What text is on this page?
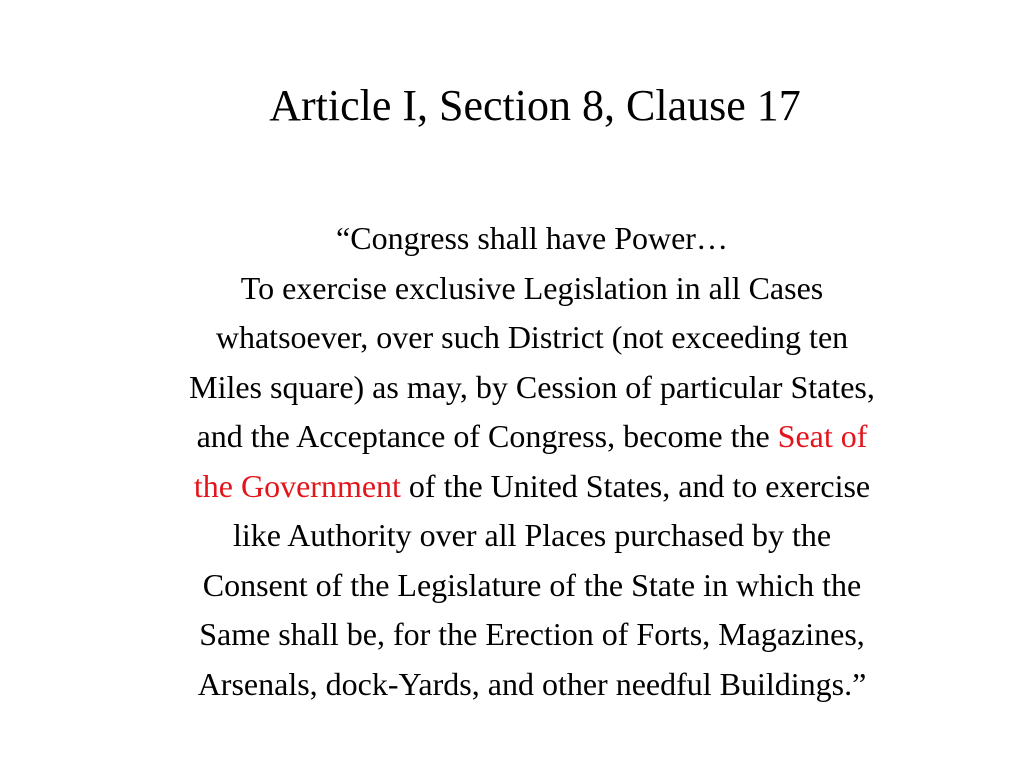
Article I, Section 8, Clause 17
“Congress shall have Power…
To exercise exclusive Legislation in all Cases
whatsoever, over such District (not exceeding ten
Miles square) as may, by Cession of particular States,
and the Acceptance of Congress, become the Seat of
the Government of the United States, and to exercise
like Authority over all Places purchased by the
Consent of the Legislature of the State in which the
Same shall be, for the Erection of Forts, Magazines,
Arsenals, dock-Yards, and other needful Buildings.”
